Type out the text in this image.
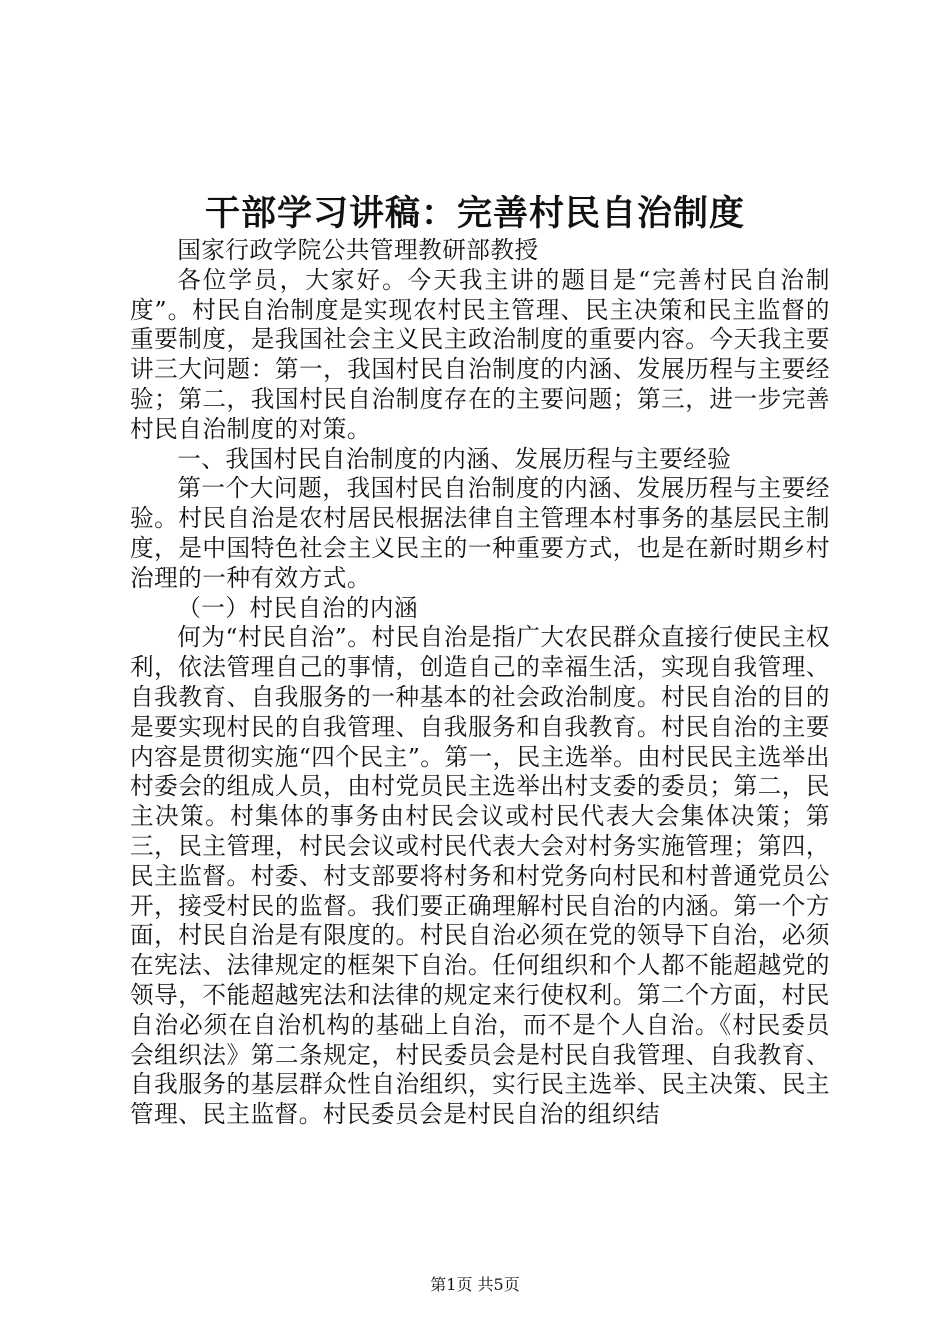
干部学习讲稿：完善村民自治制度

国家行政学院公共管理教研部教授

各位学员，大家好。今天我主讲的题目是“完善村民自治制度”。村民自治制度是实现农村民主管理、民主决策和民主监督的重要制度，是我国社会主义民主政治制度的重要内容。今天我主要讲三大问题：第一，我国村民自治制度的内涵、发展历程与主要经验；第二，我国村民自治制度存在的主要问题；第三，进一步完善村民自治制度的对策。

一、我国村民自治制度的内涵、发展历程与主要经验

第一个大问题，我国村民自治制度的内涵、发展历程与主要经验。村民自治是农村居民根据法律自主管理本村事务的基层民主制度，是中国特色社会主义民主的一种重要方式，也是在新时期乡村治理的一种有效方式。

（一）村民自治的内涵

何为“村民自治”。村民自治是指广大农民群众直接行使民主权利，依法管理自己的事情，创造自己的幸福生活，实现自我管理、自我教育、自我服务的一种基本的社会政治制度。村民自治的目的是要实现村民的自我管理、自我服务和自我教育。村民自治的主要内容是贯彻实施“四个民主”。第一，民主选举。由村民民主选举出村委会的组成人员，由村党员民主选举出村支委的委员；第二，民主决策。村集体的事务由村民会议或村民代表大会集体决策；第三，民主管理，村民会议或村民代表大会对村务实施管理；第四，民主监督。村委、村支部要将村务和村党务向村民和村普通党员公开，接受村民的监督。我们要正确理解村民自治的内涵。第一个方面，村民自治是有限度的。村民自治必须在党的领导下自治，必须在宪法、法律规定的框架下自治。任何组织和个人都不能超越党的领导，不能超越宪法和法律的规定来行使权利。第二个方面，村民自治必须在自治机构的基础上自治，而不是个人自治。《村民委员会组织法》第二条规定，村民委员会是村民自我管理、自我教育、自我服务的基层群众性自治组织，实行民主选举、民主决策、民主管理、民主监督。村民委员会是村民自治的组织结

第1页 共5页
